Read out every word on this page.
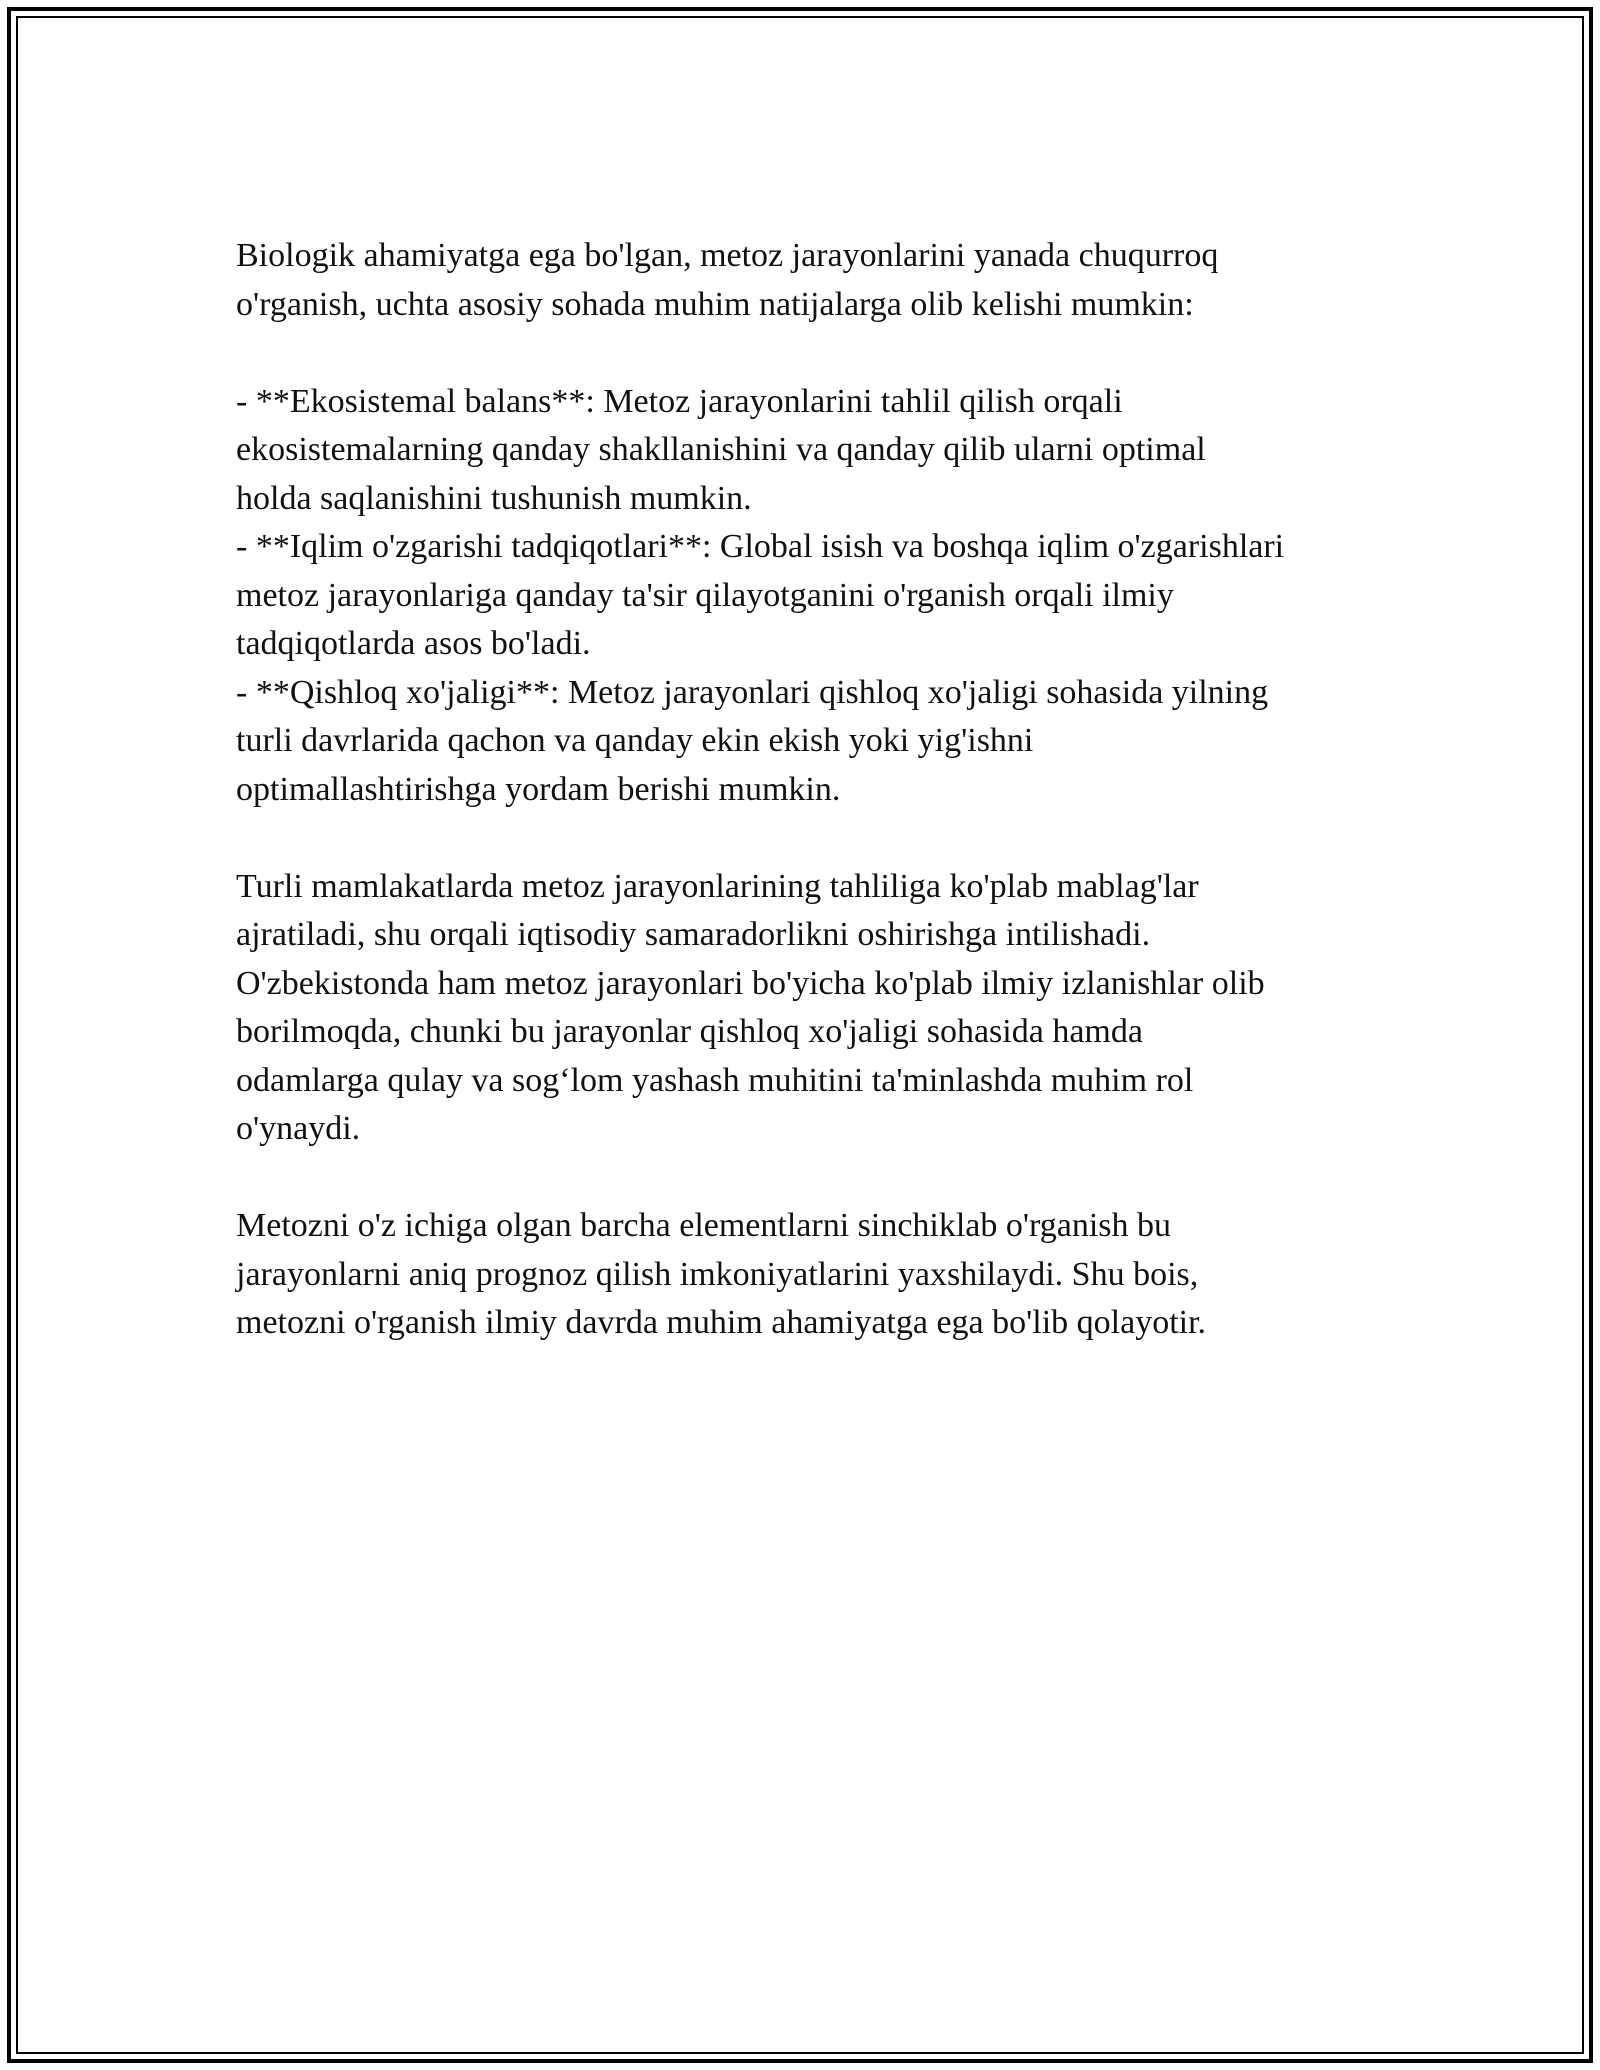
Biologik ahamiyatga ega bo'lgan, metoz jarayonlarini yanada chuqurroq
o'rganish, uchta asosiy sohada muhim natijalarga olib kelishi mumkin:
- **Ekosistemal balans**: Metoz jarayonlarini tahlil qilish orqali
ekosistemalarning qanday shakllanishini va qanday qilib ularni optimal
holda saqlanishini tushunish mumkin.
- **Iqlim o'zgarishi tadqiqotlari**: Global isish va boshqa iqlim o'zgarishlari
metoz jarayonlariga qanday ta'sir qilayotganini o'rganish orqali ilmiy
tadqiqotlarda asos bo'ladi.
- **Qishloq xo'jaligi**: Metoz jarayonlari qishloq xo'jaligi sohasida yilning
turli davrlarida qachon va qanday ekin ekish yoki yig'ishni
optimallashtirishga yordam berishi mumkin.
Turli mamlakatlarda metoz jarayonlarining tahliliga ko'plab mablag'lar
ajratiladi, shu orqali iqtisodiy samaradorlikni oshirishga intilishadi.
O'zbekistonda ham metoz jarayonlari bo'yicha ko'plab ilmiy izlanishlar olib
borilmoqda, chunki bu jarayonlar qishloq xo'jaligi sohasida hamda
odamlarga qulay va sog‘lom yashash muhitini ta'minlashda muhim rol
o'ynaydi.
Metozni o'z ichiga olgan barcha elementlarni sinchiklab o'rganish bu
jarayonlarni aniq prognoz qilish imkoniyatlarini yaxshilaydi. Shu bois,
metozni o'rganish ilmiy davrda muhim ahamiyatga ega bo'lib qolayotir.
